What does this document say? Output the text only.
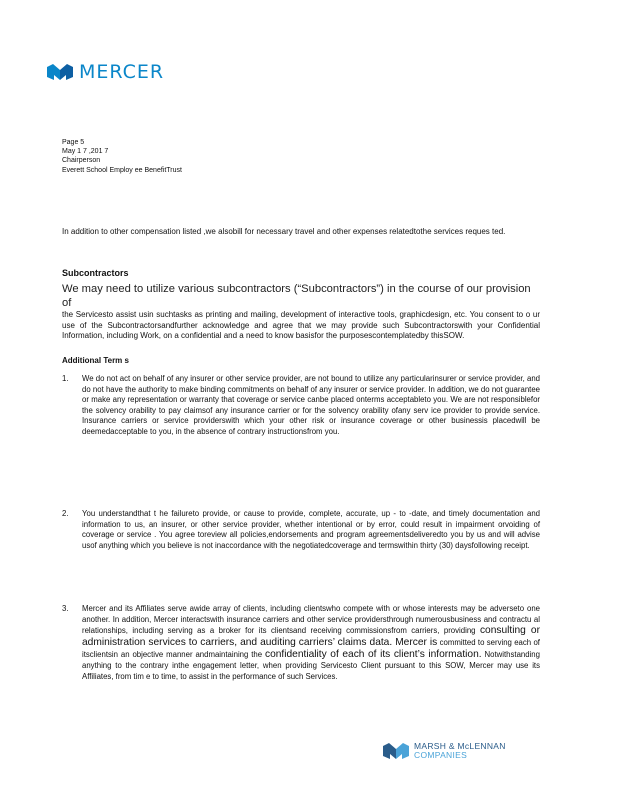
MERCER
Page 5
May 1 7 ,201 7
Chairperson
Everett School Employ ee BenefitTrust
In addition to other compensation listed ,we alsobill for necessary travel and other expenses relatedtothe services reques ted.
Subcontractors
We may need to utilize various subcontractors (“Subcontractors”) in the course of our provision of
the Servicesto assist usin suchtasks as printing and mailing, development of interactive tools, graphicdesign, etc. You consent to o ur use of the Subcontractorsandfurther acknowledge and agree that we may provide such Subcontractorswith your Confidential Information, including Work, on a confidential and a need to know basisfor the purposescontemplatedby thisSOW.
Additional Term s
1. We do not act on behalf of any insurer or other service provider, are not bound to utilize any particularinsurer or service provider, and do not have the authority to make binding commitments on behalf of any insurer or service provider. In addition, we do not guarantee or make any representation or warranty that coverage or service canbe placed onterms acceptableto you. We are not responsiblefor the solvency orability to pay claimsof any insurance carrier or for the solvency orability ofany serv ice provider to provide service. Insurance carriers or service providerswith which your other risk or insurance coverage or other businessis placedwill be deemedacceptable to you, in the absence of contrary instructionsfrom you.
2. You understandthat t he failureto provide, or cause to provide, complete, accurate, up - to -date, and timely documentation and information to us, an insurer, or other service provider, whether intentional or by error, could result in impairment orvoiding of coverage or service . You agree toreview all policies,endorsements and program agreementsdeliveredto you by us and will advise usof anything which you believe is not inaccordance with the negotiatedcoverage and termswithin thirty (30) daysfollowing receipt.
3. Mercer and its Affiliates serve awide array of clients, including clientswho compete with or whose interests may be adverseto one another. In addition, Mercer interactswith insurance carriers and other service providersthrough numerousbusiness and contractu al relationships, including serving as a broker for its clientsand receiving commissionsfrom carriers, providing consulting or administration services to carriers, and auditing carriers’ claims data. Mercer is committed to serving each of itsclientsin an objective manner andmaintaining the confidentiality of each of its client’s information. Notwithstanding anything to the contrary inthe engagement letter, when providing Servicesto Client pursuant to this SOW, Mercer may use its Affiliates, from tim e to time, to assist in the performance of such Services.
MARSH & McLENNAN
COMPANIES
